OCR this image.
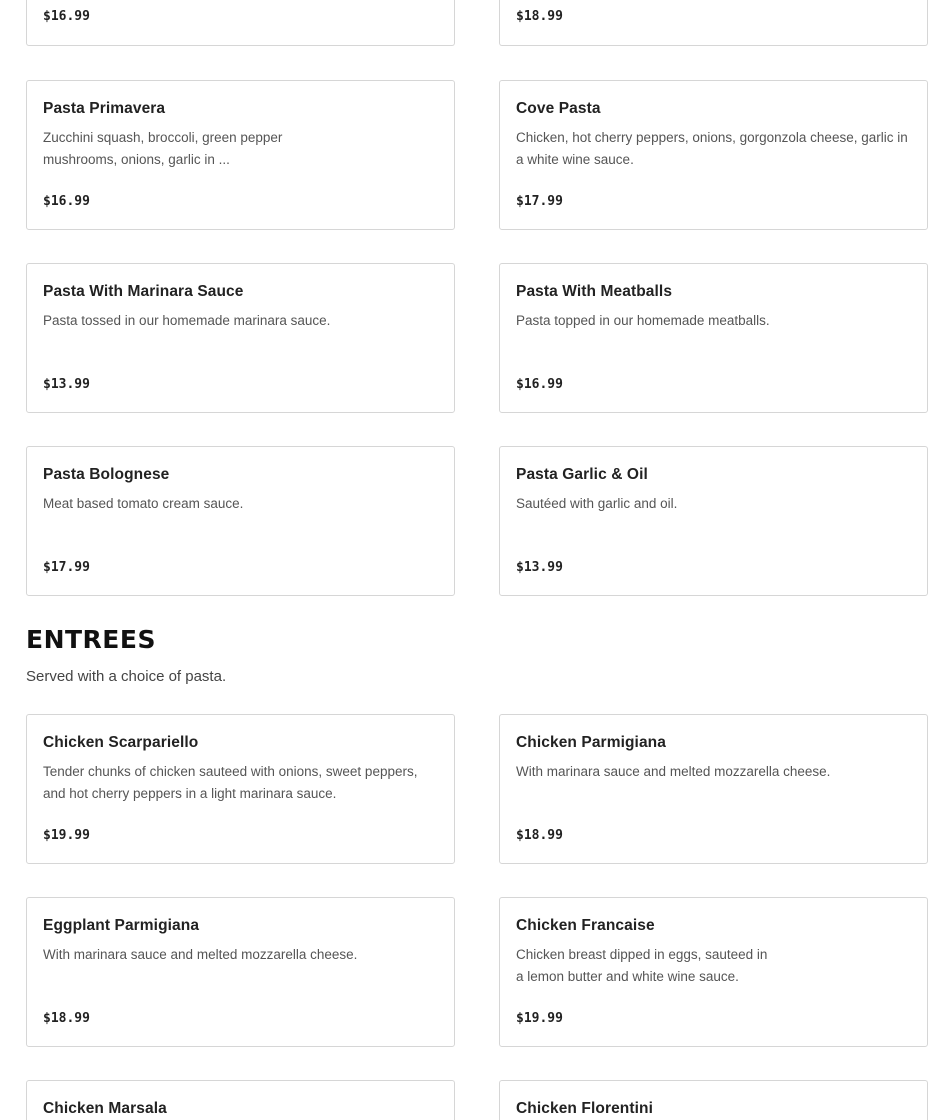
$16.99	$18.99
Pasta Primavera
Zucchini squash, broccoli, green pepper mushrooms, onions, garlic in ...
$16.99
Cove Pasta
Chicken, hot cherry peppers, onions, gorgonzola cheese, garlic in a white wine sauce.
$17.99
Pasta With Marinara Sauce
Pasta tossed in our homemade marinara sauce.
$13.99
Pasta With Meatballs
Pasta topped in our homemade meatballs.
$16.99
Pasta Bolognese
Meat based tomato cream sauce.
$17.99
Pasta Garlic & Oil
Sautéed with garlic and oil.
$13.99
ENTREES

Served with a choice of pasta.

Chicken Scarpariello
Tender chunks of chicken sauteed with onions, sweet peppers, and hot cherry peppers in a light marinara sauce.
$19.99
Chicken Parmigiana
With marinara sauce and melted mozzarella cheese.
$18.99
Eggplant Parmigiana
With marinara sauce and melted mozzarella cheese.
$18.99
Chicken Francaise
Chicken breast dipped in eggs, sauteed in a lemon butter and white wine sauce.
$19.99
Chicken Marsala	Chicken Florentini
